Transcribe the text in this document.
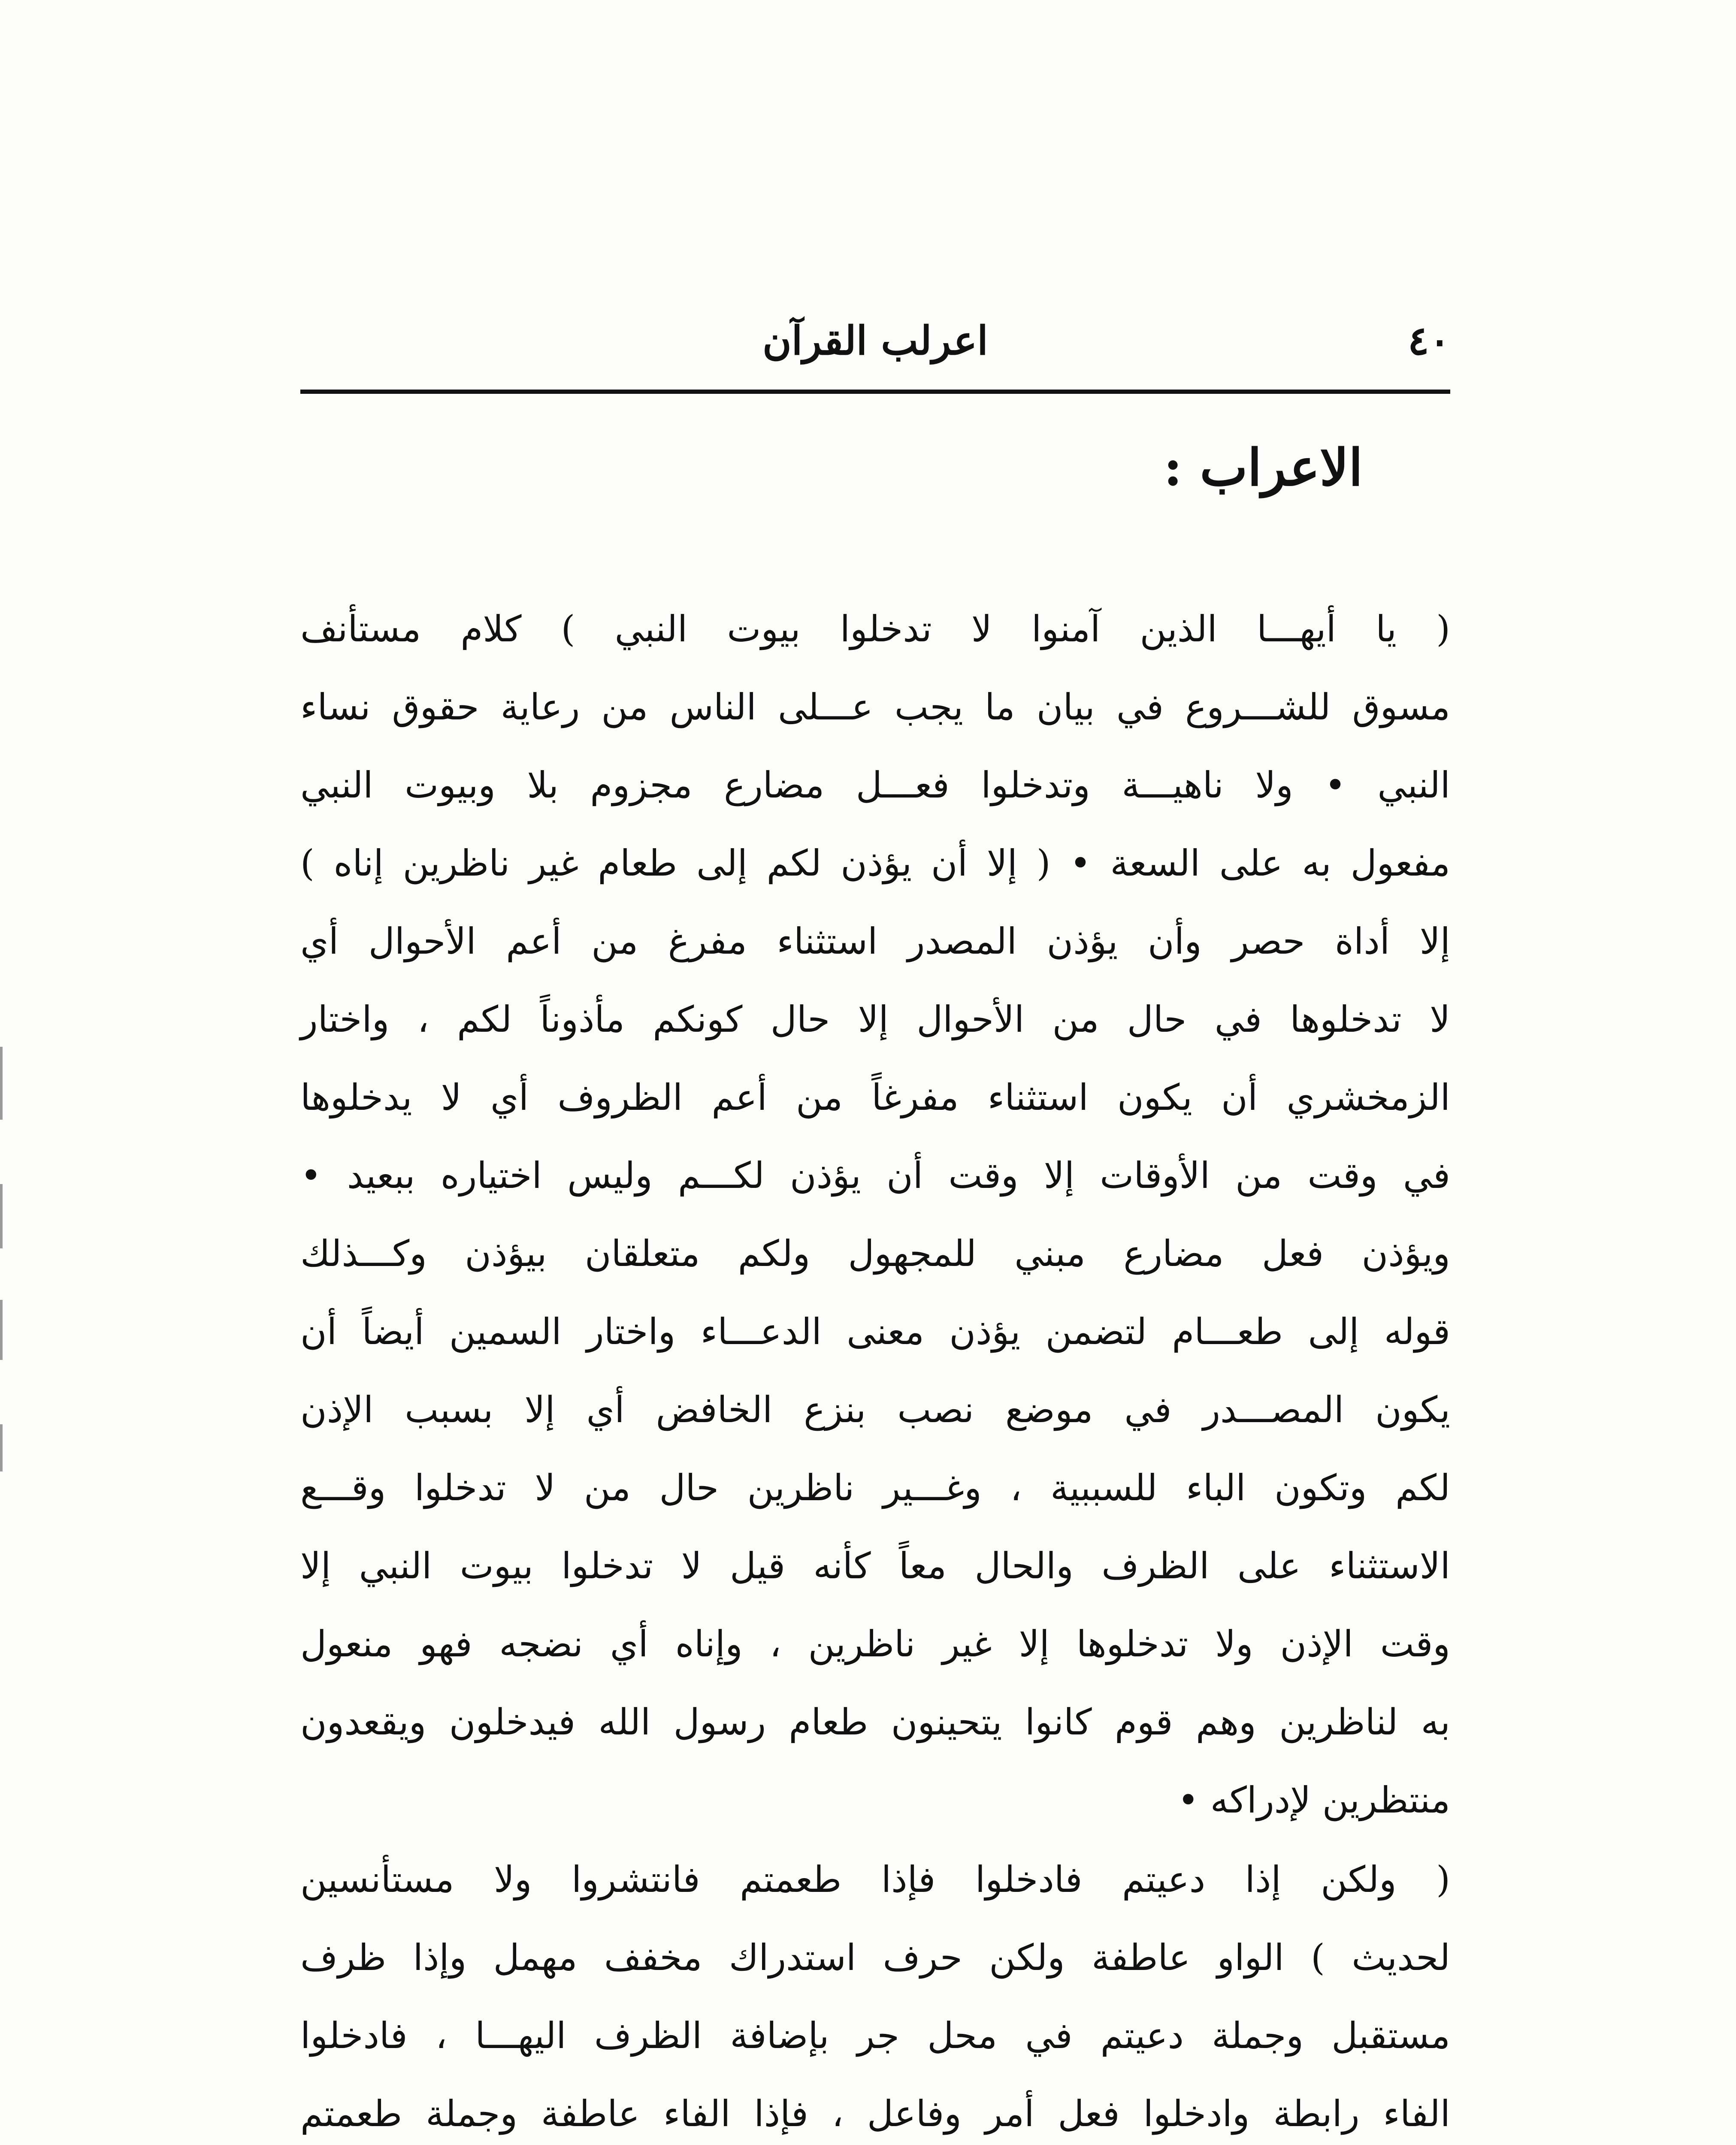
٤٠
اعرلب القرآن
الاعراب :
( يا أيهـــا الذين آمنوا لا تدخلوا بيوت النبي ) كلام مستأنف
مسوق للشـــروع في بيان ما يجب عـــلى الناس من رعاية حقوق نساء
النبي • ولا ناهيـــة وتدخلوا فعـــل مضارع مجزوم بلا وبيوت النبي
مفعول به على السعة • ( إلا أن يؤذن لكم إلى طعام غير ناظرين إناه )
إلا أداة حصر وأن يؤذن المصدر استثناء مفرغ من أعم الأحوال أي
لا تدخلوها في حال من الأحوال إلا حال كونكم مأذوناً لكم ، واختار
الزمخشري أن يكون استثناء مفرغاً من أعم الظروف أي لا يدخلوها
في وقت من الأوقات إلا وقت أن يؤذن لكـــم وليس اختياره ببعيد •
ويؤذن فعل مضارع مبني للمجهول ولكم متعلقان بيؤذن وكـــذلك
قوله إلى طعـــام لتضمن يؤذن معنى الدعـــاء واختار السمين أيضاً أن
يكون المصـــدر في موضع نصب بنزع الخافض أي إلا بسبب الإذن
لكم وتكون الباء للسببية ، وغـــير ناظرين حال من لا تدخلوا وقـــع
الاستثناء على الظرف والحال معاً كأنه قيل لا تدخلوا بيوت النبي إلا
وقت الإذن ولا تدخلوها إلا غير ناظرين ، وإناه أي نضجه فهو منعول
به لناظرين وهم قوم كانوا يتحينون طعام رسول الله فيدخلون ويقعدون
منتظرين لإدراكه •
( ولكن إذا دعيتم فادخلوا فإذا طعمتم فانتشروا ولا مستأنسين
لحديث ) الواو عاطفة ولكن حرف استدراك مخفف مهمل وإذا ظرف
مستقبل وجملة دعيتم في محل جر بإضافة الظرف اليهـــا ، فادخلوا
الفاء رابطة وادخلوا فعل أمر وفاعل ، فإذا الفاء عاطفة وجملة طعمتم
